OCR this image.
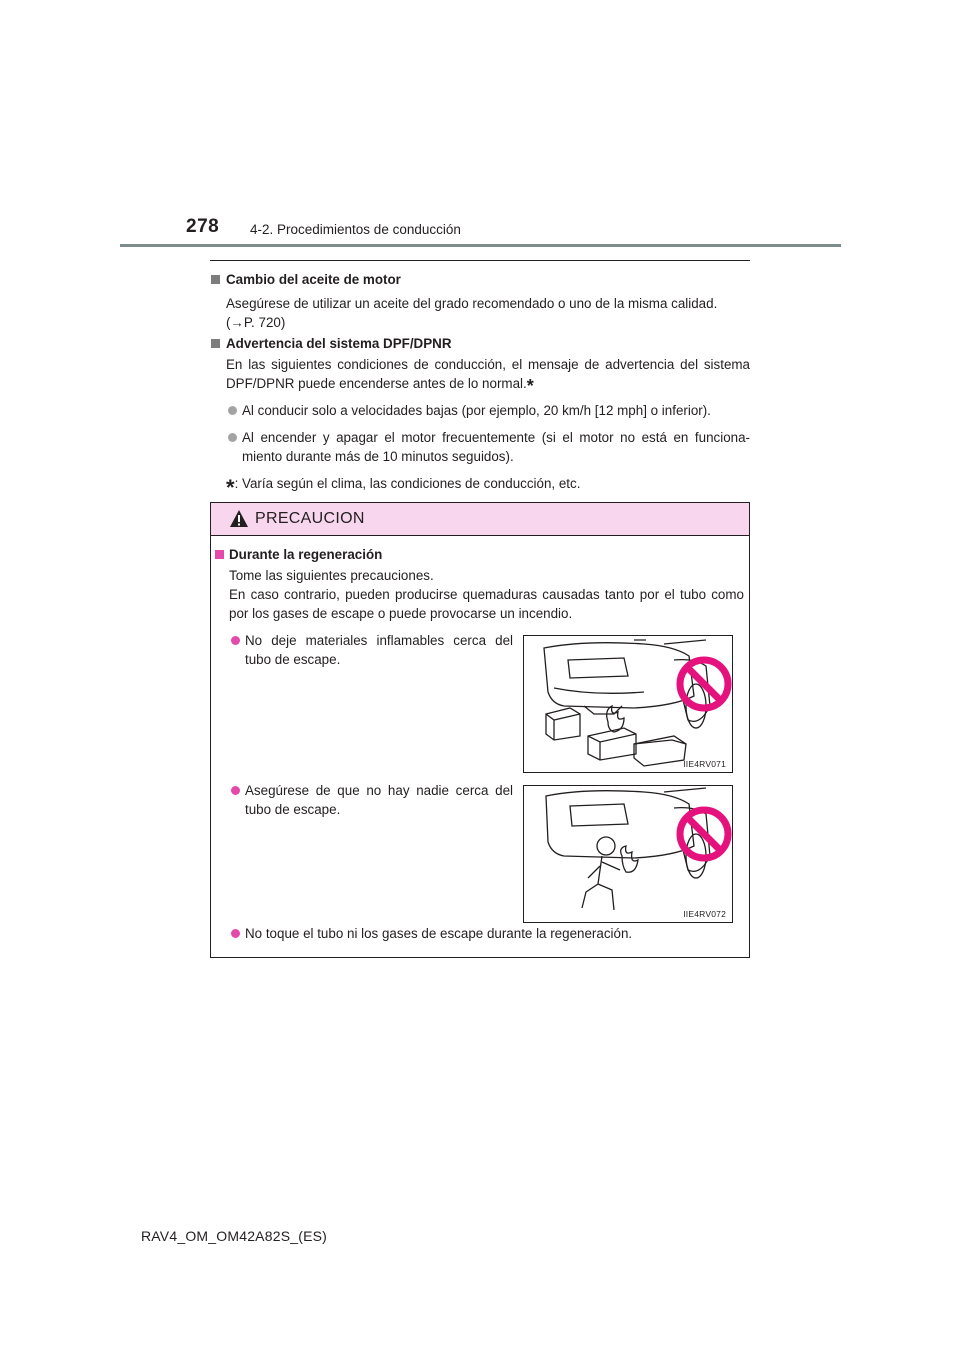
278 4-2. Procedimientos de conducción
Cambio del aceite de motor
Asegúrese de utilizar un aceite del grado recomendado o uno de la misma calidad.
(→P. 720)
Advertencia del sistema DPF/DPNR
En las siguientes condiciones de conducción, el mensaje de advertencia del sistema DPF/DPNR puede encenderse antes de lo normal.*
Al conducir solo a velocidades bajas (por ejemplo, 20 km/h [12 mph] o inferior).
Al encender y apagar el motor frecuentemente (si el motor no está en funciona-miento durante más de 10 minutos seguidos).
*: Varía según el clima, las condiciones de conducción, etc.
PRECAUCION
Durante la regeneración
Tome las siguientes precauciones.
En caso contrario, pueden producirse quemaduras causadas tanto por el tubo como por los gases de escape o puede provocarse un incendio.
No deje materiales inflamables cerca del tubo de escape.
IIE4RV071
Asegúrese de que no hay nadie cerca del tubo de escape.
IIE4RV072
No toque el tubo ni los gases de escape durante la regeneración.
RAV4_OM_OM42A82S_(ES)
